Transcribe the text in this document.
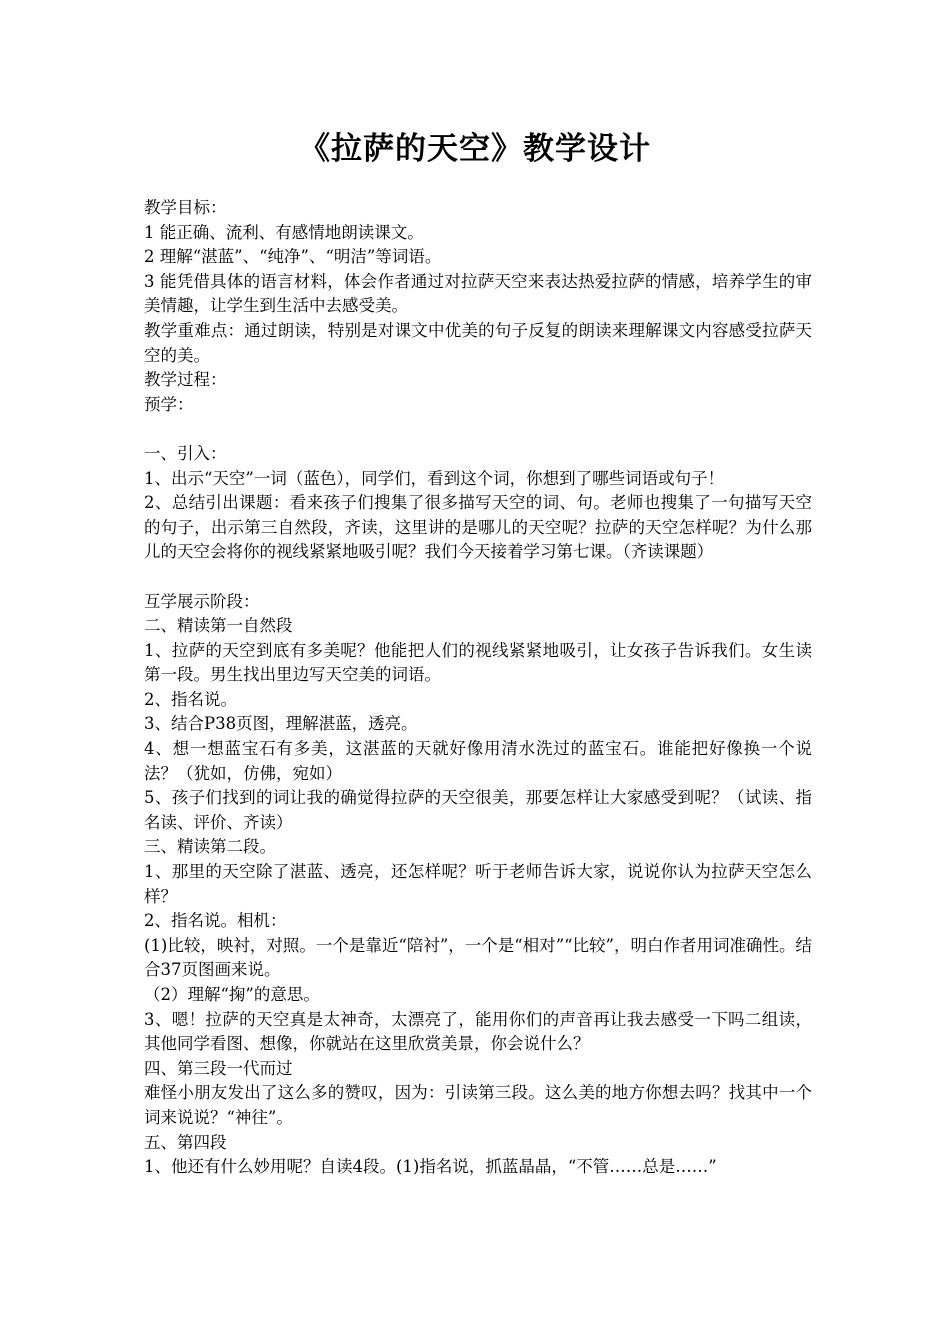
《拉萨的天空》教学设计

教学目标：

1 能正确、流利、有感情地朗读课文。

2 理解“湛蓝”、“纯净”、“明洁”等词语。

3 能凭借具体的语言材料，体会作者通过对拉萨天空来表达热爱拉萨的情感，培养学生的审美情趣，让学生到生活中去感受美。

教学重难点：通过朗读，特别是对课文中优美的句子反复的朗读来理解课文内容感受拉萨天空的美。

教学过程：

预学：

一、引入：

1、出示“天空”一词（蓝色），同学们，看到这个词，你想到了哪些词语或句子！

2、总结引出课题：看来孩子们搜集了很多描写天空的词、句。老师也搜集了一句描写天空的句子，出示第三自然段，齐读，这里讲的是哪儿的天空呢？拉萨的天空怎样呢？为什么那儿的天空会将你的视线紧紧地吸引呢？我们今天接着学习第七课。（齐读课题）

互学展示阶段：

二、精读第一自然段

1、拉萨的天空到底有多美呢？他能把人们的视线紧紧地吸引，让女孩子告诉我们。女生读第一段。男生找出里边写天空美的词语。

2、指名说。

3、结合P38页图，理解湛蓝，透亮。

4、想一想蓝宝石有多美，这湛蓝的天就好像用清水洗过的蓝宝石。谁能把好像换一个说法？（犹如，仿佛，宛如）

5、孩子们找到的词让我的确觉得拉萨的天空很美，那要怎样让大家感受到呢？（试读、指名读、评价、齐读）

三、精读第二段。

1、那里的天空除了湛蓝、透亮，还怎样呢？听于老师告诉大家，说说你认为拉萨天空怎么样？

2、指名说。相机：

(1)比较，映衬，对照。一个是靠近“陪衬”，一个是“相对”“比较”，明白作者用词准确性。结合37页图画来说。

（2）理解“掬”的意思。

3、嗯！拉萨的天空真是太神奇，太漂亮了，能用你们的声音再让我去感受一下吗二组读，其他同学看图、想像，你就站在这里欣赏美景，你会说什么？

四、第三段一代而过

难怪小朋友发出了这么多的赞叹，因为：引读第三段。这么美的地方你想去吗？找其中一个词来说说？“神往”。

五、第四段

1、他还有什么妙用呢？自读4段。(1)指名说，抓蓝晶晶，“不管……总是……”
